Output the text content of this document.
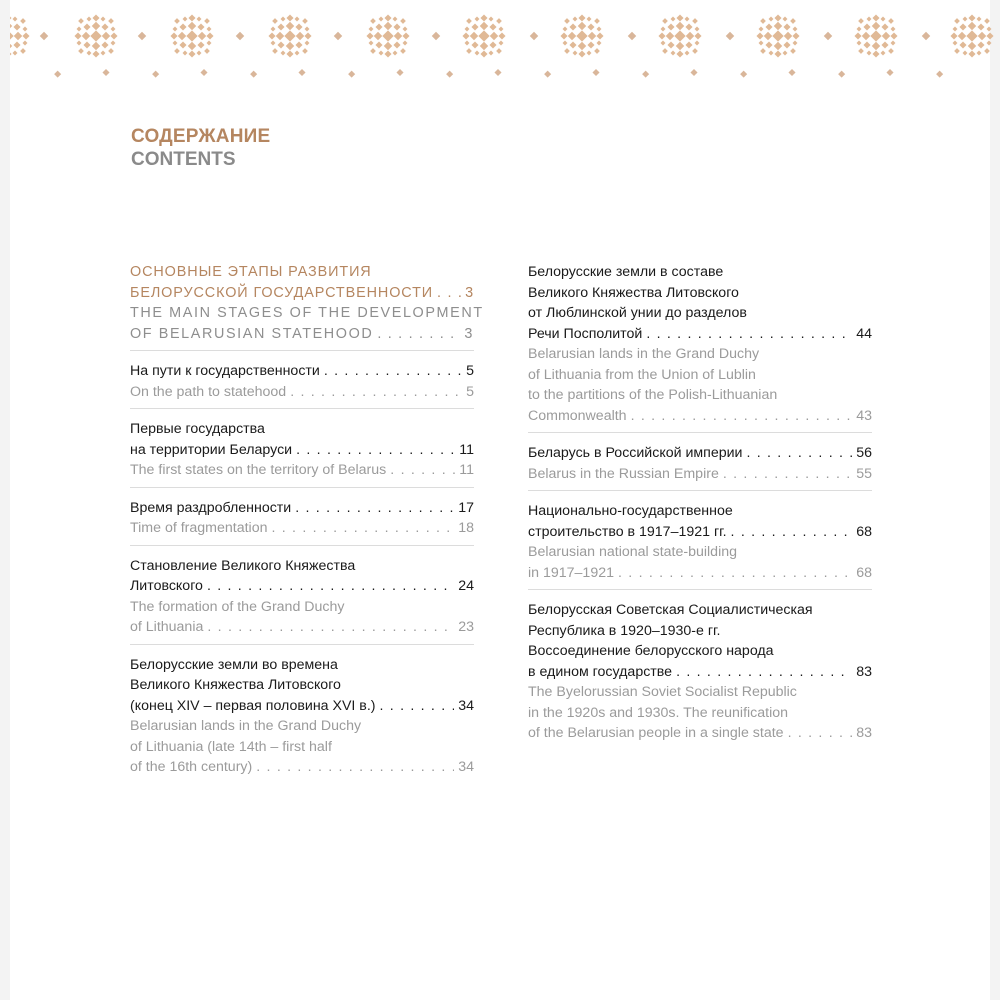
СОДЕРЖАНИЕ
CONTENTS
ОСНОВНЫЕ ЭТАПЫ РАЗВИТИЯ
БЕЛОРУССКОЙ ГОСУДАРСТВЕННОСТИ . . . 3
THE MAIN STAGES OF THE DEVELOPMENT
OF BELARUSIAN STATEHOOD . . .	3
На пути к государственности . . .	5
On the path to statehood . . .	5
Первые государства
на территории Беларуси . . .	11
The first states on the territory of Belarus . . .	11
Время раздробленности . . .	17
Time of fragmentation . . .	18
Становление Великого Княжества
Литовского . . .	24
The formation of the Grand Duchy
of Lithuania . . .	23
Белорусские земли во времена
Великого Княжества Литовского
(конец XIV – первая половина XVI в.) . . .	34
Belarusian lands in the Grand Duchy
of Lithuania (late 14th – first half
of the 16th century) . . .	34
Белорусские земли в составе
Великого Княжества Литовского
от Люблинской унии до разделов
Речи Посполитой . . .	44
Belarusian lands in the Grand Duchy
of Lithuania from the Union of Lublin
to the partitions of the Polish-Lithuanian
Commonwealth . . .	43
Беларусь в Российской империи . . .	56
Belarus in the Russian Empire . . .	55
Национально-государственное
строительство в 1917–1921 гг. . . .	68
Belarusian national state-building
in 1917–1921 . . .	68
Белорусская Советская Социалистическая
Республика в 1920–1930-е гг.
Воссоединение белорусского народа
в едином государстве . . .	83
The Byelorussian Soviet Socialist Republic
in the 1920s and 1930s. The reunification
of the Belarusian people in a single state . . .	83
